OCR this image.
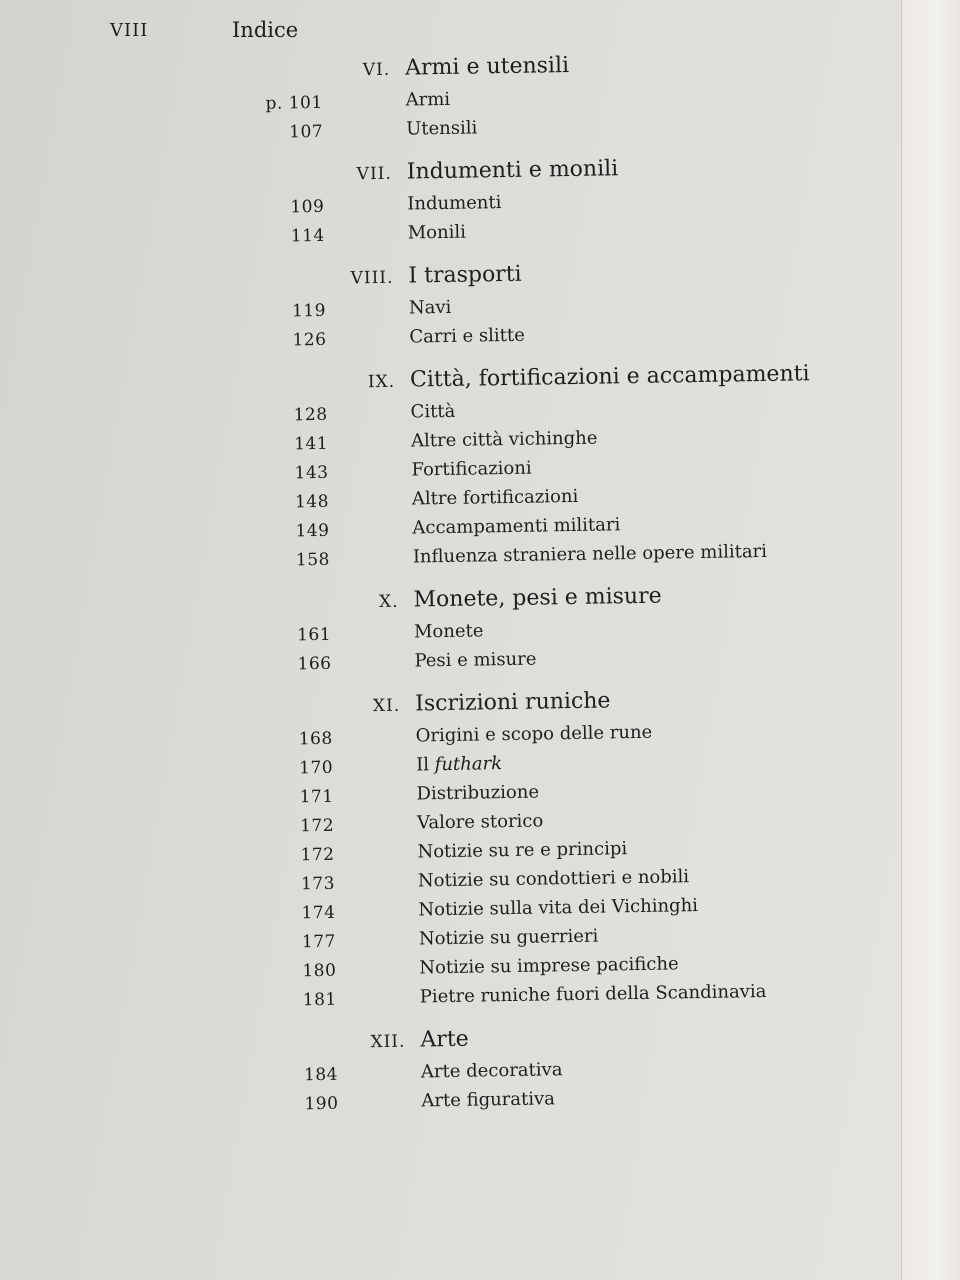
VIII	Indice
VI. Armi e utensili
p. 101	Armi
107	Utensili
VII. Indumenti e monili
109	Indumenti
114	Monili
VIII. I trasporti
119	Navi
126	Carri e slitte
IX. Città, fortificazioni e accampamenti
128	Città
141	Altre città vichinghe
143	Fortificazioni
148	Altre fortificazioni
149	Accampamenti militari
158	Influenza straniera nelle opere militari
X. Monete, pesi e misure
161	Monete
166	Pesi e misure
XI. Iscrizioni runiche
168	Origini e scopo delle rune
170	Il futhark
171	Distribuzione
172	Valore storico
172	Notizie su re e principi
173	Notizie su condottieri e nobili
174	Notizie sulla vita dei Vichinghi
177	Notizie su guerrieri
180	Notizie su imprese pacifiche
181	Pietre runiche fuori della Scandinavia
XII. Arte
184	Arte decorativa
190	Arte figurativa
